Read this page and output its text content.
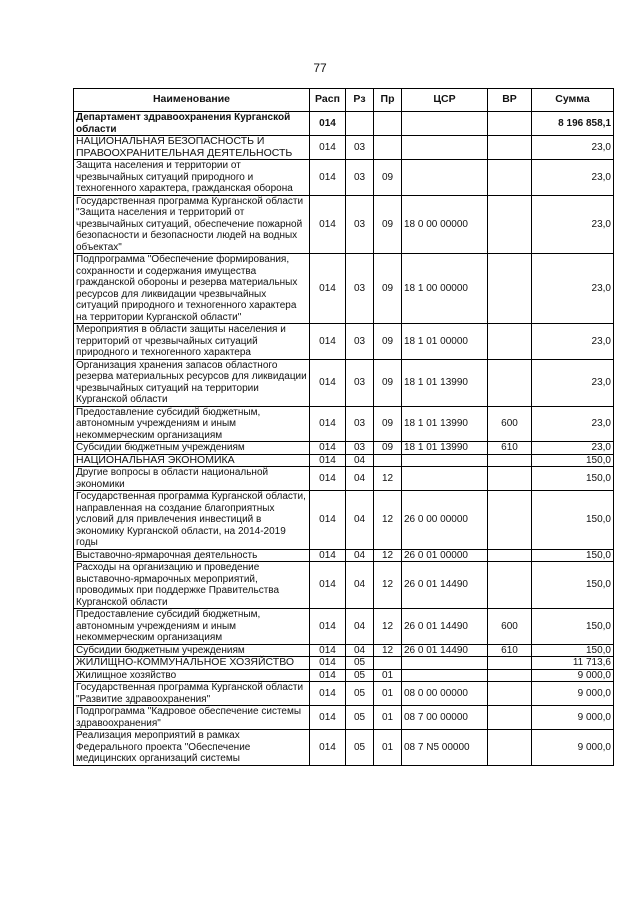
77
Наименование	Расп	Рз	Пр	ЦСР	ВР	Сумма
Департамент здравоохранения Курганской области	014					8 196 858,1
НАЦИОНАЛЬНАЯ БЕЗОПАСНОСТЬ И ПРАВООХРАНИТЕЛЬНАЯ ДЕЯТЕЛЬНОСТЬ	014	03				23,0
Защита населения и территории от чрезвычайных ситуаций природного и техногенного характера, гражданская оборона	014	03	09			23,0
Государственная программа Курганской области "Защита населения и территорий от чрезвычайных ситуаций, обеспечение пожарной безопасности и безопасности людей на водных объектах"	014	03	09	18 0 00 00000		23,0
Подпрограмма "Обеспечение формирования, сохранности и содержания имущества гражданской обороны и резерва материальных ресурсов для ликвидации чрезвычайных ситуаций природного и техногенного характера на территории Курганской области"	014	03	09	18 1 00 00000		23,0
Мероприятия в области защиты населения и территорий от чрезвычайных ситуаций природного и техногенного характера	014	03	09	18 1 01 00000		23,0
Организация хранения запасов областного резерва материальных ресурсов для ликвидации чрезвычайных ситуаций на территории Курганской области	014	03	09	18 1 01 13990		23,0
Предоставление субсидий бюджетным, автономным учреждениям и иным некоммерческим организациям	014	03	09	18 1 01 13990	600	23,0
Субсидии бюджетным учреждениям	014	03	09	18 1 01 13990	610	23,0
НАЦИОНАЛЬНАЯ ЭКОНОМИКА	014	04				150,0
Другие вопросы в области национальной экономики	014	04	12			150,0
Государственная программа Курганской области, направленная на создание благоприятных условий для привлечения инвестиций в экономику Курганской области, на 2014-2019 годы	014	04	12	26 0 00 00000		150,0
Выставочно-ярмарочная деятельность	014	04	12	26 0 01 00000		150,0
Расходы на организацию и проведение выставочно-ярмарочных мероприятий, проводимых при поддержке Правительства Курганской области	014	04	12	26 0 01 14490		150,0
Предоставление субсидий бюджетным, автономным учреждениям и иным некоммерческим организациям	014	04	12	26 0 01 14490	600	150,0
Субсидии бюджетным учреждениям	014	04	12	26 0 01 14490	610	150,0
ЖИЛИЩНО-КОММУНАЛЬНОЕ ХОЗЯЙСТВО	014	05				11 713,6
Жилищное хозяйство	014	05	01			9 000,0
Государственная программа Курганской области "Развитие здравоохранения"	014	05	01	08 0 00 00000		9 000,0
Подпрограмма "Кадровое обеспечение системы здравоохранения"	014	05	01	08 7 00 00000		9 000,0
Реализация мероприятий в рамках Федерального проекта "Обеспечение медицинских организаций системы	014	05	01	08 7 N5 00000		9 000,0
